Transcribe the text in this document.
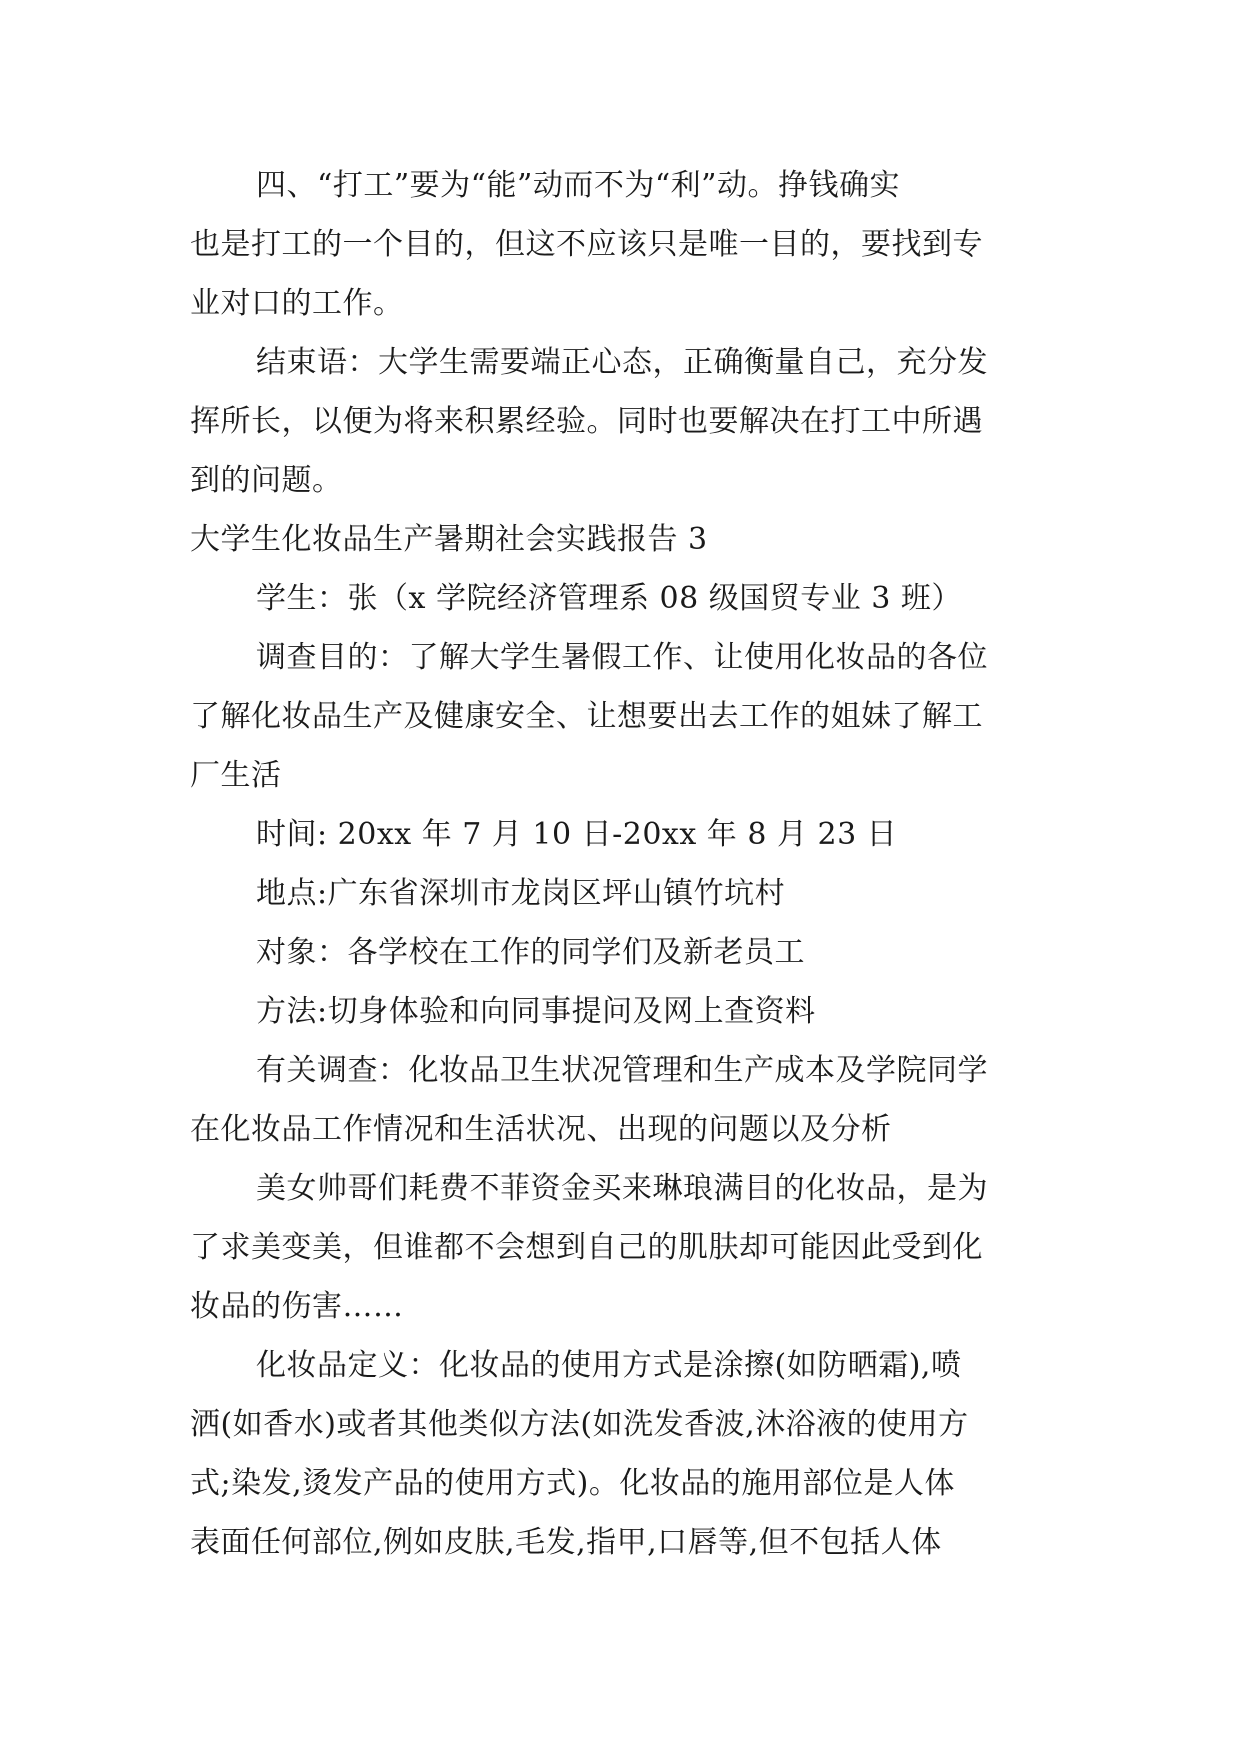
四、“打工”要为“能”动而不为“利”动。挣钱确实

也是打工的一个目的，但这不应该只是唯一目的，要找到专

业对口的工作。

结束语：大学生需要端正心态，正确衡量自己，充分发

挥所长，以便为将来积累经验。同时也要解决在打工中所遇

到的问题。

大学生化妆品生产暑期社会实践报告 3

学生：张（x 学院经济管理系 08 级国贸专业 3 班）

调查目的：了解大学生暑假工作、让使用化妆品的各位

了解化妆品生产及健康安全、让想要出去工作的姐妹了解工

厂生活

时间: 20xx 年 7 月 10 日-20xx 年 8 月 23 日

地点:广东省深圳市龙岗区坪山镇竹坑村

对象：各学校在工作的同学们及新老员工

方法:切身体验和向同事提问及网上查资料

有关调查：化妆品卫生状况管理和生产成本及学院同学

在化妆品工作情况和生活状况、出现的问题以及分析

美女帅哥们耗费不菲资金买来琳琅满目的化妆品，是为

了求美变美，但谁都不会想到自己的肌肤却可能因此受到化

妆品的伤害……

化妆品定义：化妆品的使用方式是涂擦(如防晒霜),喷

洒(如香水)或者其他类似方法(如洗发香波,沐浴液的使用方

式;染发,烫发产品的使用方式)。化妆品的施用部位是人体

表面任何部位,例如皮肤,毛发,指甲,口唇等,但不包括人体
